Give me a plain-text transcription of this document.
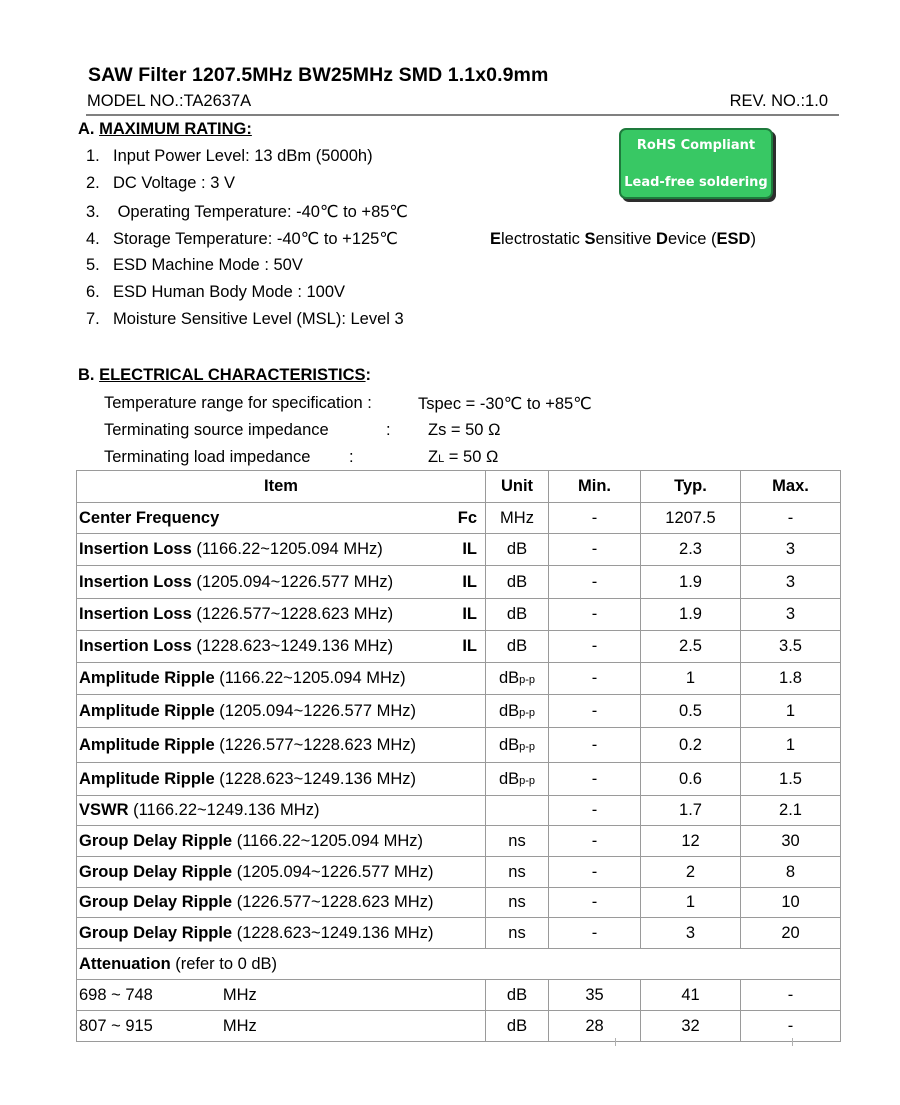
SAW Filter 1207.5MHz BW25MHz SMD 1.1x0.9mm
MODEL NO.:TA2637A	REV. NO.:1.0
A. MAXIMUM RATING:
1. Input Power Level: 13 dBm (5000h)
2. DC Voltage : 3 V
3. Operating Temperature: -40℃ to +85℃
4. Storage Temperature: -40℃ to +125℃
5. ESD Machine Mode : 50V
6. ESD Human Body Mode : 100V
7. Moisture Sensitive Level (MSL): Level 3
RoHS Compliant
Lead-free soldering
Electrostatic Sensitive Device (ESD)
B. ELECTRICAL CHARACTERISTICS:
Temperature range for specification :	Tspec = -30℃ to +85℃
Terminating source impedance	: Zs = 50 Ω
Terminating load impedance :	ZL = 50 Ω
Item	Unit	Min.	Typ.	Max.
Center Frequency Fc	MHz	-	1207.5	-
Insertion Loss (1166.22~1205.094 MHz) IL	dB	-	2.3	3
Insertion Loss (1205.094~1226.577 MHz) IL	dB	-	1.9	3
Insertion Loss (1226.577~1228.623 MHz) IL	dB	-	1.9	3
Insertion Loss (1228.623~1249.136 MHz) IL	dB	-	2.5	3.5
Amplitude Ripple (1166.22~1205.094 MHz)	dBp-p	-	1	1.8
Amplitude Ripple (1205.094~1226.577 MHz)	dBp-p	-	0.5	1
Amplitude Ripple (1226.577~1228.623 MHz)	dBp-p	-	0.2	1
Amplitude Ripple (1228.623~1249.136 MHz)	dBp-p	-	0.6	1.5
VSWR (1166.22~1249.136 MHz)		-	1.7	2.1
Group Delay Ripple (1166.22~1205.094 MHz)	ns	-	12	30
Group Delay Ripple (1205.094~1226.577 MHz)	ns	-	2	8
Group Delay Ripple (1226.577~1228.623 MHz)	ns	-	1	10
Group Delay Ripple (1228.623~1249.136 MHz)	ns	-	3	20
Attenuation (refer to 0 dB)				
698 ~ 748 MHz	dB	35	41	-
807 ~ 915 MHz	dB	28	32	-
